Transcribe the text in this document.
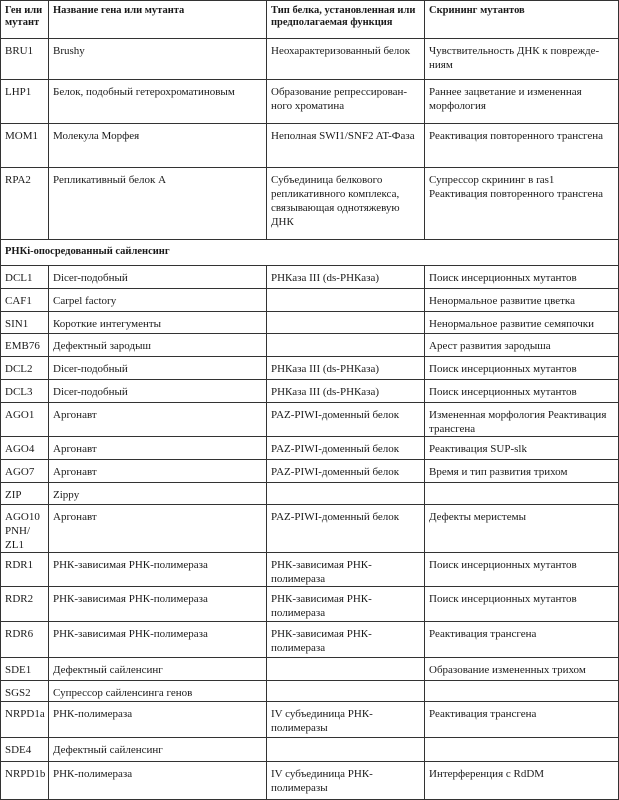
Ген или мутант	Название гена или мутанта	Тип белка, установленная или предполагаемая функция	Скрининг мутантов
BRU1	Brushy	Неохарактеризованный белок	Чувствительность ДНК к поврежде-ниям
LHP1	Белок, подобный гетерохроматиновым	Образование репрессирован-ного хроматина	Раннее зацветание и измененная морфология
MOM1	Молекула Морфея	Неполная SWI1/SNF2 AT-Фаза	Реактивация повторенного трансгена
RPA2	Репликативный белок А	Субъединица белкового репликативного комплекса, связывающая однотяжевую ДНК	Супрессор скрининг в ras1 Реактивация повторенного трансгена
РНКi-опосредованный сайленсинг			
DCL1	Dicer-подобный	РНКаза III (ds-РНКаза)	Поиск инсерционных мутантов
CAF1	Carpel factory		Ненормальное развитие цветка
SIN1	Короткие интегументы		Ненормальное развитие семяпочки
EMB76	Дефектный зародыш		Арест развития зародыша
DCL2	Dicer-подобный	РНКаза III (ds-РНКаза)	Поиск инсерционных мутантов
DCL3	Dicer-подобный	РНКаза III (ds-РНКаза)	Поиск инсерционных мутантов
AGO1	Аргонавт	PAZ-PIWI-доменный белок	Измененная морфология Реактивация трансгена
AGO4	Аргонавт	PAZ-PIWI-доменный белок	Реактивация SUP-slk
AGO7	Аргонавт	PAZ-PIWI-доменный белок	Время и тип развития трихом
ZIP	Zippy		
AGO10 PNH/ ZL1	Аргонавт	PAZ-PIWI-доменный белок	Дефекты меристемы
RDR1	РНК-зависимая РНК-полимераза	РНК-зависимая РНК-полимераза	Поиск инсерционных мутантов
RDR2	РНК-зависимая РНК-полимераза	РНК-зависимая РНК-полимераза	Поиск инсерционных мутантов
RDR6	РНК-зависимая РНК-полимераза	РНК-зависимая РНК-полимераза	Реактивация трансгена
SDE1	Дефектный сайленсинг		Образование измененных трихом
SGS2	Супрессор сайленсинга генов		
NRPD1a	РНК-полимераза	IV субъединица РНК-полимеразы	Реактивация трансгена
SDE4	Дефектный сайленсинг		
NRPD1b	РНК-полимераза	IV субъединица РНК-полимеразы	Интерференция с RdDM
